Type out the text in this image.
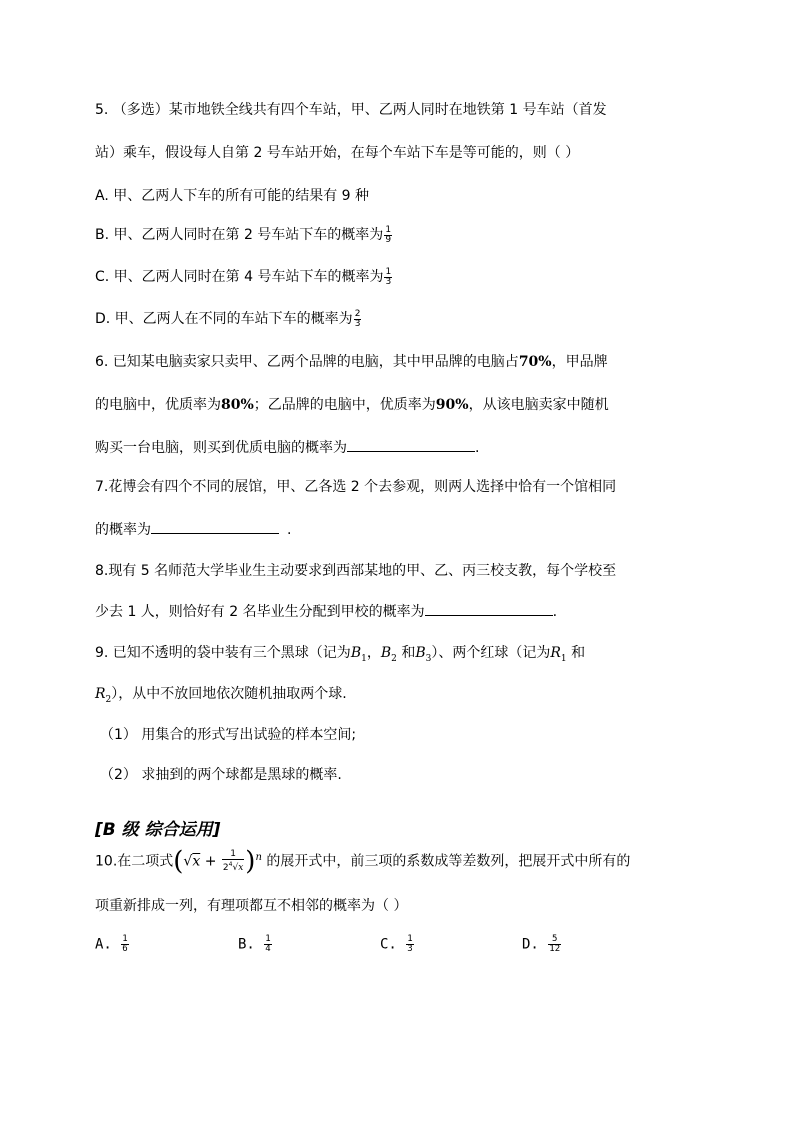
5. （多选）某市地铁全线共有四个车站，甲、乙两人同时在地铁第 1 号车站（首发
站）乘车，假设每人自第 2 号车站开始，在每个车站下车是等可能的，则（ ）
A. 甲、乙两人下车的所有可能的结果有 9 种
B. 甲、乙两人同时在第 2 号车站下车的概率为 $\frac{1}{9}$
C. 甲、乙两人同时在第 4 号车站下车的概率为 $\frac{1}{3}$
D. 甲、乙两人在不同的车站下车的概率为 $\frac{2}{3}$
6. 已知某电脑卖家只卖甲、乙两个品牌的电脑，其中甲品牌的电脑占70%，甲品牌
的电脑中，优质率为80%；乙品牌的电脑中，优质率为90%，从该电脑卖家中随机
购买一台电脑，则买到优质电脑的概率为	.
7.花博会有四个不同的展馆，甲、乙各选 2 个去参观，则两人选择中恰有一个馆相同
的概率为	.
8.现有 5 名师范大学毕业生主动要求到西部某地的甲、乙、丙三校支教，每个学校至
少去 1 人，则恰好有 2 名毕业生分配到甲校的概率为	.
9. 已知不透明的袋中装有三个黑球（记为$B_1$，$B_2$ 和$B_3$）、两个红球（记为$R_1$ 和
$R_2$），从中不放回地依次随机抽取两个球.
（1） 用集合的形式写出试验的样本空间;
（2） 求抽到的两个球都是黑球的概率.
[B 级 综合运用]
10.在二项式$(√x + \frac{1}{2^4√x} )^n$ 的展开式中，前三项的系数成等差数列，把展开式中所有的
项重新排成一列，有理项都互不相邻的概率为（ ）
A. $\frac{1}{6}$	B. $\frac{1}{4}$	C. $\frac{1}{3}$	D. $\frac{5}{12}$
